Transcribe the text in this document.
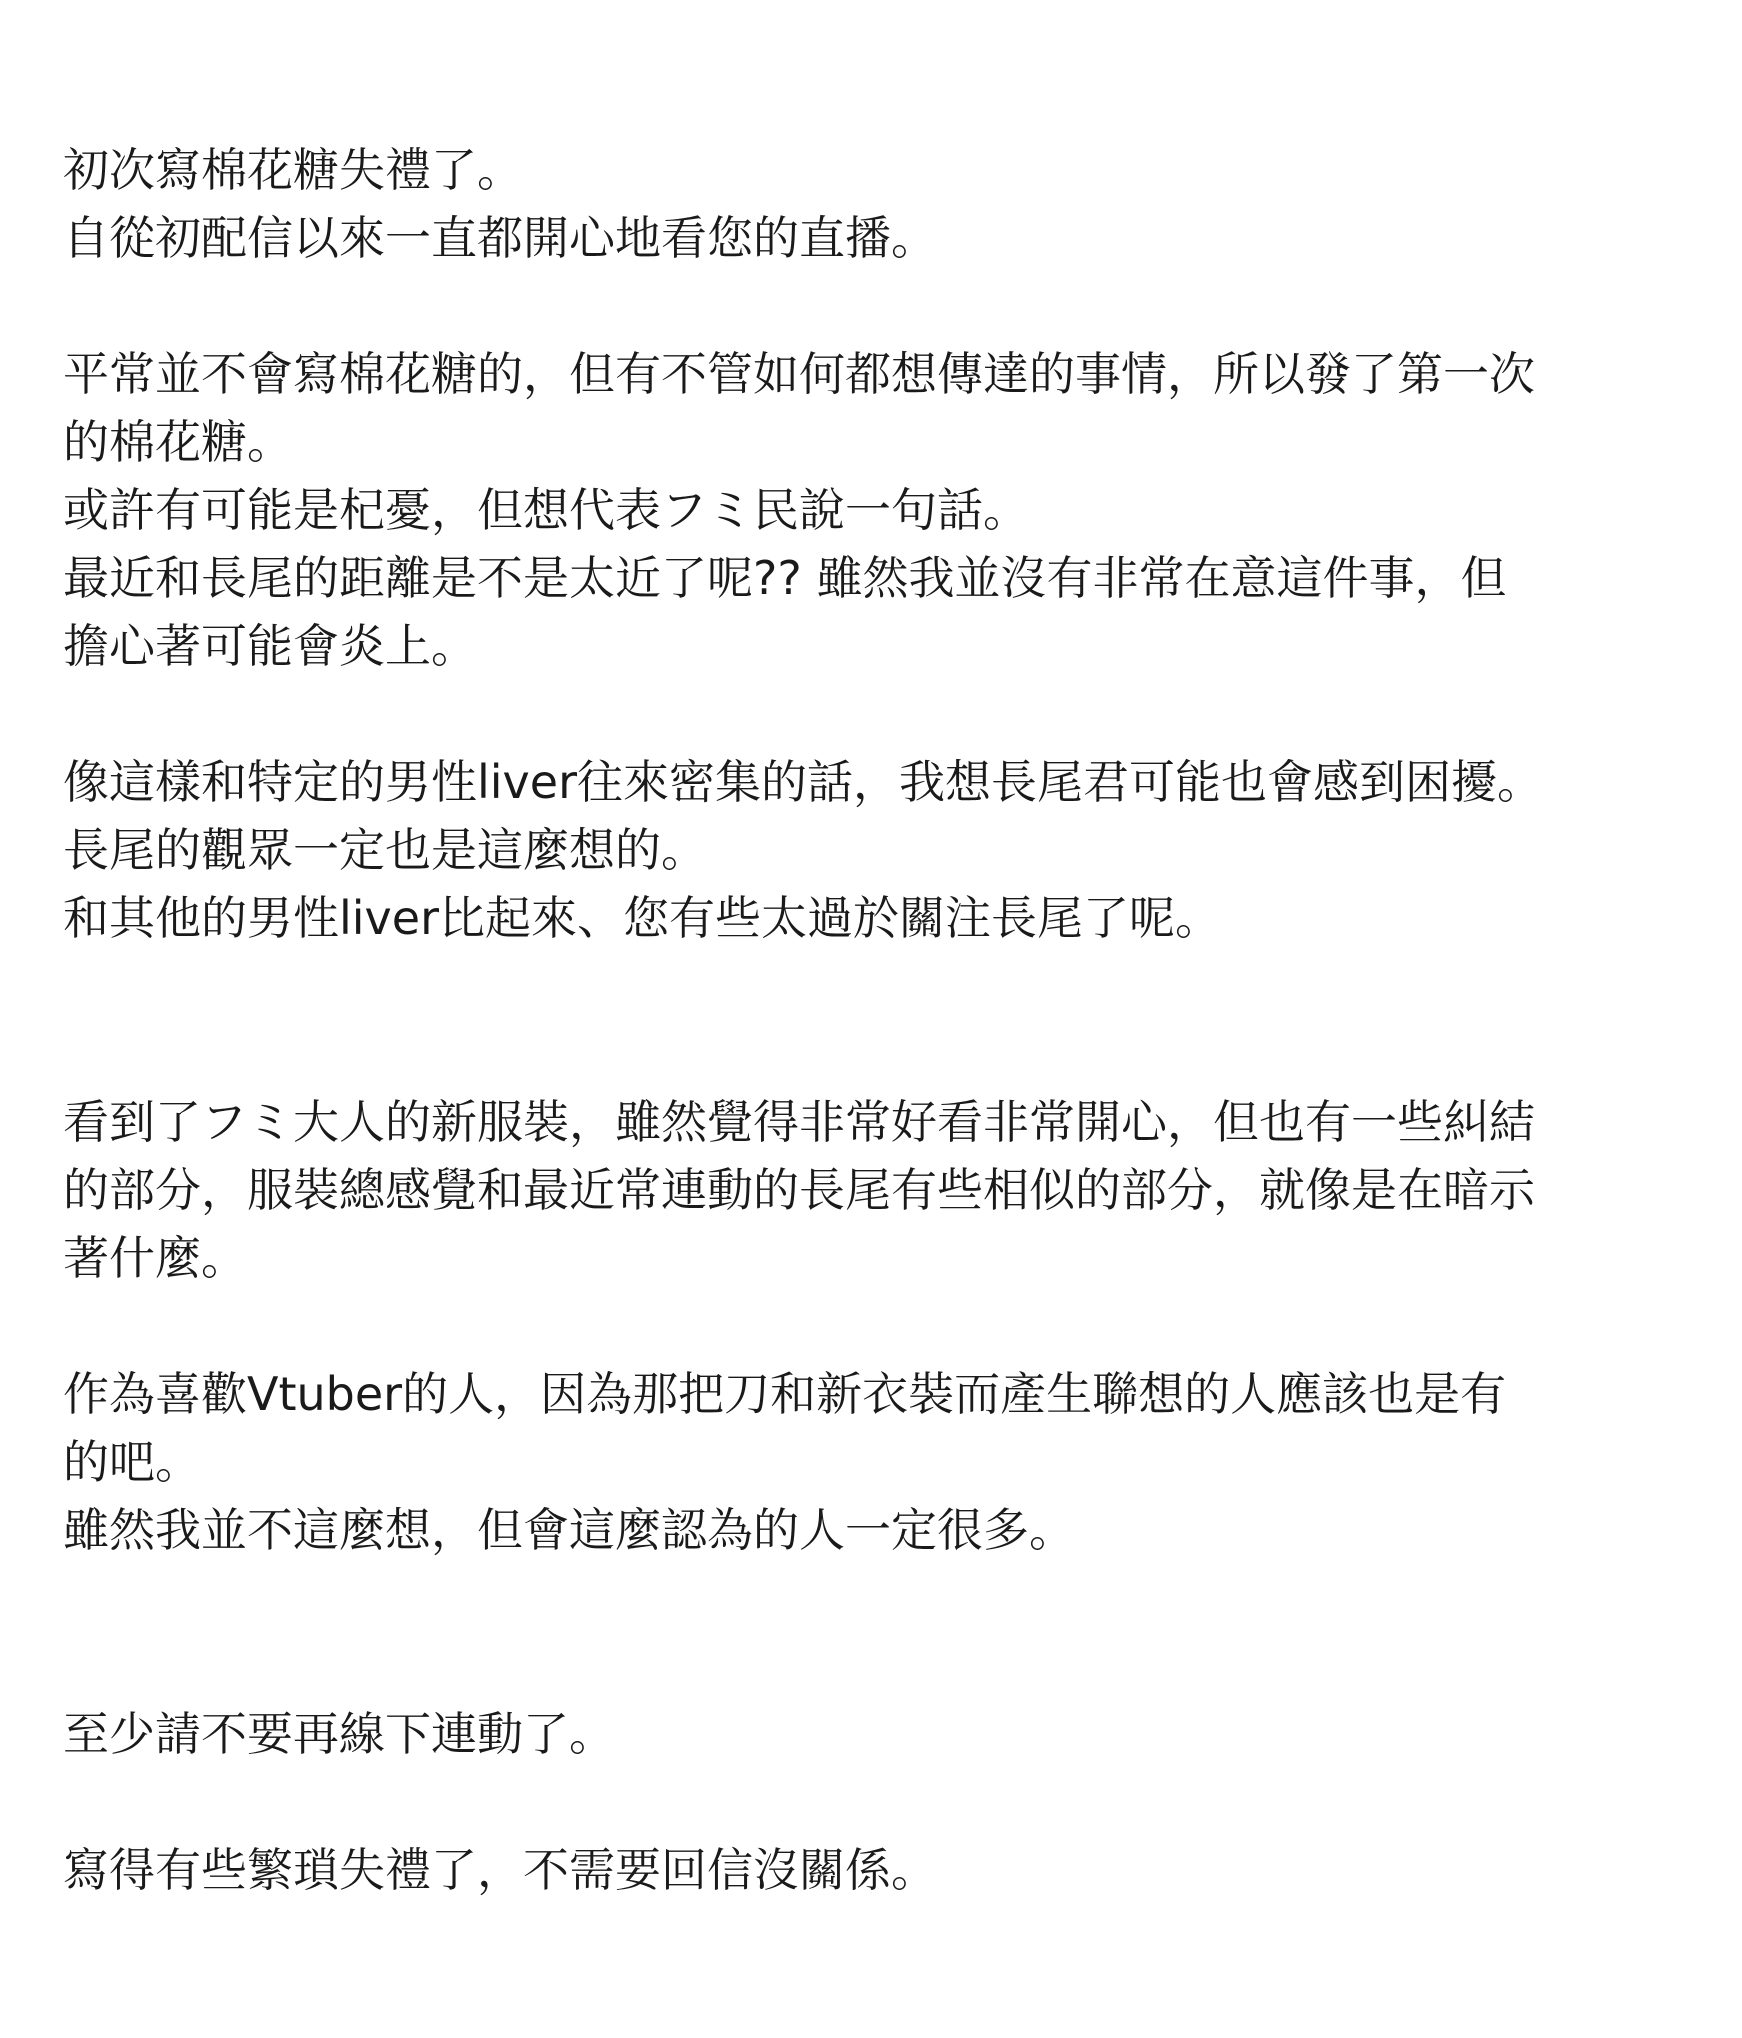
初次寫棉花糖失禮了。
自從初配信以來一直都開心地看您的直播。
平常並不會寫棉花糖的，但有不管如何都想傳達的事情，所以發了第一次
的棉花糖。
或許有可能是杞憂，但想代表フミ民說一句話。
最近和長尾的距離是不是太近了呢?? 雖然我並沒有非常在意這件事，但
擔心著可能會炎上。
像這樣和特定的男性liver往來密集的話，我想長尾君可能也會感到困擾。
長尾的觀眾一定也是這麼想的。
和其他的男性liver比起來、您有些太過於關注長尾了呢。
看到了フミ大人的新服裝，雖然覺得非常好看非常開心，但也有一些糾結
的部分，服裝總感覺和最近常連動的長尾有些相似的部分，就像是在暗示
著什麼。
作為喜歡Vtuber的人，因為那把刀和新衣裝而產生聯想的人應該也是有
的吧。
雖然我並不這麼想，但會這麼認為的人一定很多。
至少請不要再線下連動了。
寫得有些繁瑣失禮了，不需要回信沒關係。
